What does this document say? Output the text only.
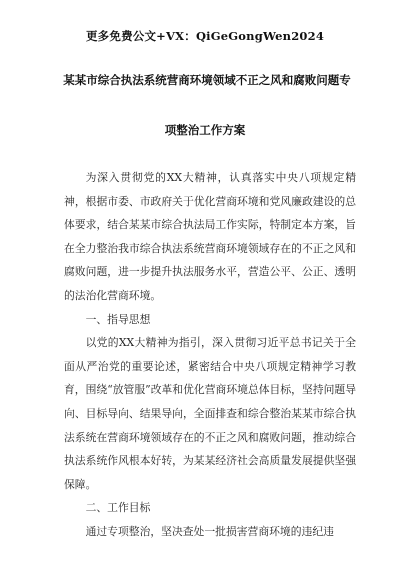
更多免费公文+VX：QiGeGongWen2024
某某市综合执法系统营商环境领域不正之风和腐败问题专
项整治工作方案

为深入贯彻党的XX大精神，认真落实中央八项规定精神，根据市委、市政府关于优化营商环境和党风廉政建设的总体要求，结合某某市综合执法局工作实际，特制定本方案，旨在全力整治我市综合执法系统营商环境领域存在的不正之风和腐败问题，进一步提升执法服务水平，营造公平、公正、透明的法治化营商环境。

一、指导思想

以党的XX大精神为指引，深入贯彻习近平总书记关于全面从严治党的重要论述，紧密结合中央八项规定精神学习教育，围绕“放管服”改革和优化营商环境总体目标，坚持问题导向、目标导向、结果导向，全面排查和综合整治某某市综合执法系统在营商环境领域存在的不正之风和腐败问题，推动综合执法系统作风根本好转，为某某经济社会高质量发展提供坚强保障。

二、工作目标

通过专项整治，坚决查处一批损害营商环境的违纪违
